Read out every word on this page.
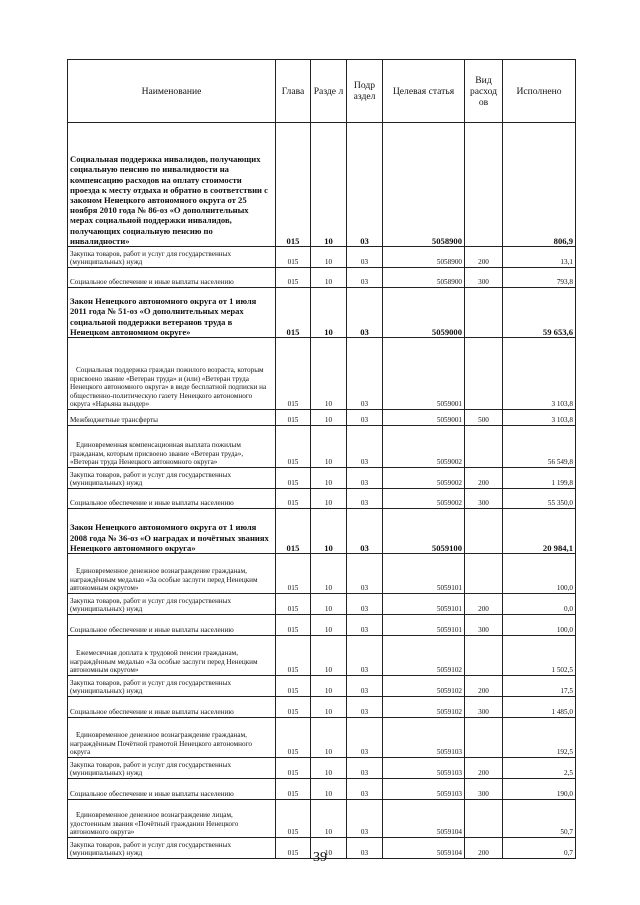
Наименование	Глава	Разде л	Подр аздел	Целевая статья	Вид расход ов	Исполнено
Социальная поддержка инвалидов, получающих социальную пенсию по инвалидности на компенсацию расходов на оплату стоимости проезда к месту отдыха и обратно в соответствии с законом Ненецкого автономного округа от 25 ноября 2010 года № 86-оз «О дополнительных мерах социальной поддержки инвалидов, получающих социальную пенсию по инвалидности»	015	10	03	5058900		806,9
Закупка товаров, работ и услуг для государственных (муниципальных) нужд	015	10	03	5058900	200	13,1
Социальное обеспечение и иные выплаты населению	015	10	03	5058900	300	793,8
Закон Ненецкого автономного округа от 1 июля 2011 года № 51-оз «О дополнительных мерах социальной поддержки ветеранов труда в Ненецком автономном округе»	015	10	03	5059000		59 653,6
Социальная поддержка граждан пожилого возраста, которым присвоено звание «Ветеран труда» и (или) «Ветеран труда Ненецкого автономного округа» в виде бесплатной подписки на общественно-политическую газету Ненецкого автономного округа «Нарьяна вындер»	015	10	03	5059001		3 103,8
Межбюджетные трансферты	015	10	03	5059001	500	3 103,8
Единовременная компенсационная выплата пожилым гражданам, которым присвоено звание «Ветеран труда», «Ветеран труда Ненецкого автономного округа»	015	10	03	5059002		56 549,8
Закупка товаров, работ и услуг для государственных (муниципальных) нужд	015	10	03	5059002	200	1 199,8
Социальное обеспечение и иные выплаты населению	015	10	03	5059002	300	55 350,0
Закон Ненецкого автономного округа от 1 июля 2008 года № 36-оз «О наградах и почётных званиях Ненецкого автономного округа»	015	10	03	5059100		20 984,1
Единовременное денежное вознаграждение гражданам, награждённым медалью «За особые заслуги перед Ненецким автономным округом»	015	10	03	5059101		100,0
Закупка товаров, работ и услуг для государственных (муниципальных) нужд	015	10	03	5059101	200	0,0
Социальное обеспечение и иные выплаты населению	015	10	03	5059101	300	100,0
Ежемесячная доплата к трудовой пенсии гражданам, награждённым медалью «За особые заслуги перед Ненецким автономным округом»	015	10	03	5059102		1 502,5
Закупка товаров, работ и услуг для государственных (муниципальных) нужд	015	10	03	5059102	200	17,5
Социальное обеспечение и иные выплаты населению	015	10	03	5059102	300	1 485,0
Единовременное денежное вознаграждение гражданам, награждённым Почётной грамотой Ненецкого автономного округа	015	10	03	5059103		192,5
Закупка товаров, работ и услуг для государственных (муниципальных) нужд	015	10	03	5059103	200	2,5
Социальное обеспечение и иные выплаты населению	015	10	03	5059103	300	190,0
Единовременное денежное вознаграждение лицам, удостоенным звания «Почётный гражданин Ненецкого автономного округа»	015	10	03	5059104		50,7
Закупка товаров, работ и услуг для государственных (муниципальных) нужд	015	10	03	5059104	200	0,7
39
